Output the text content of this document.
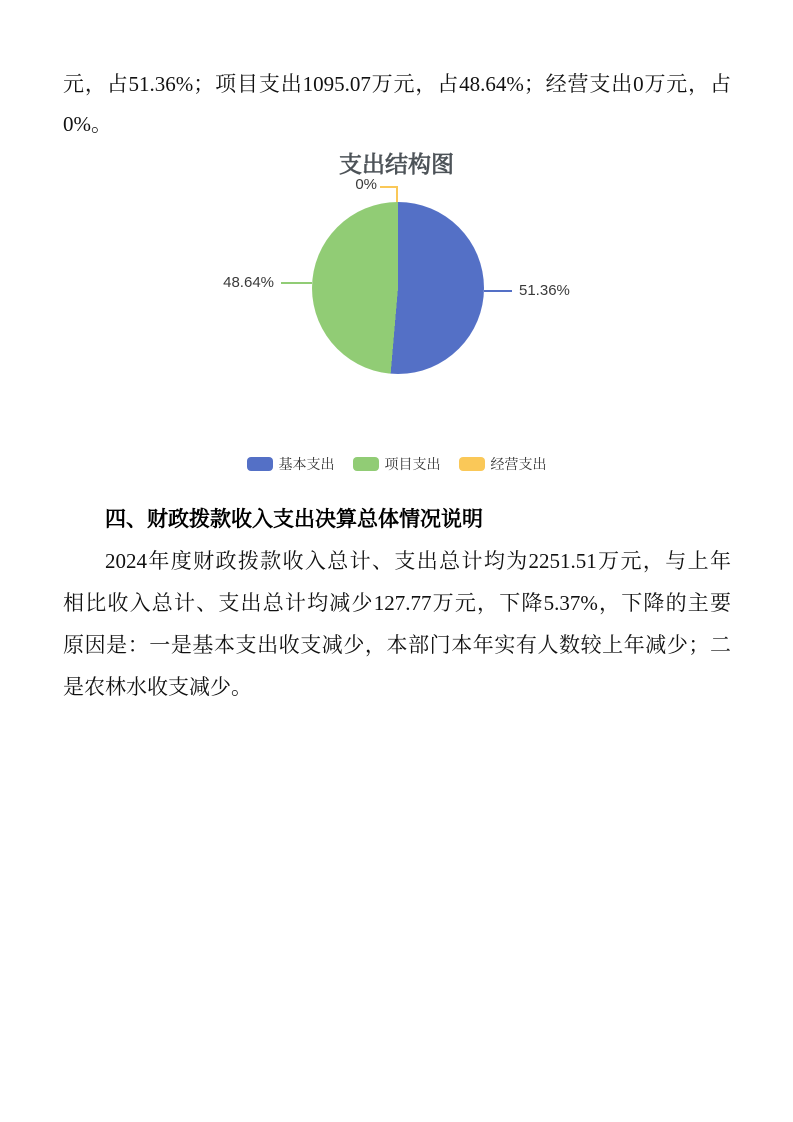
元，占51.36%；项目支出1095.07万元，占48.64%；经营支出0万元，占
0%。
支出结构图
0%
48.64%	51.36%
基本支出	项目支出	经营支出
四、财政拨款收入支出决算总体情况说明
2024年度财政拨款收入总计、支出总计均为2251.51万元，与上年
相比收入总计、支出总计均减少127.77万元，下降5.37%，下降的主要
原因是：一是基本支出收支减少，本部门本年实有人数较上年减少；二
是农林水收支减少。
